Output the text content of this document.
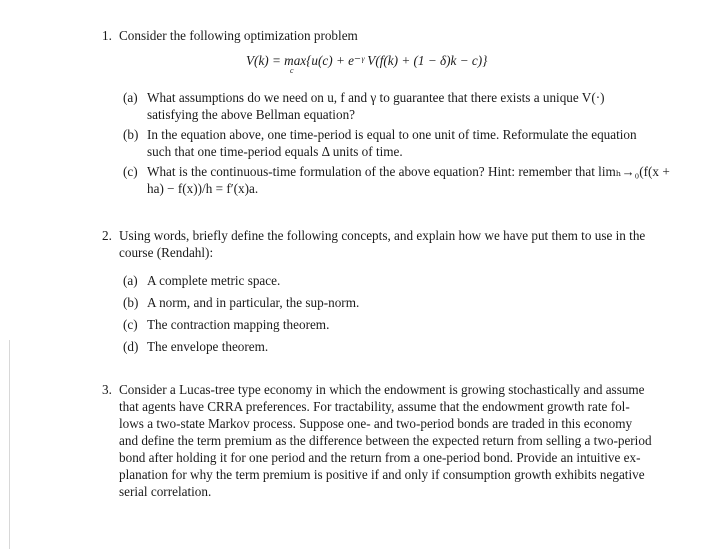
1. Consider the following optimization problem
V(k) = max{u(c) + e⁻ᵞ V(f(k) + (1 − δ)k − c)}
c
(a) What assumptions do we need on u, f and γ to guarantee that there exists a unique V(·)
satisfying the above Bellman equation?
(b) In the equation above, one time-period is equal to one unit of time. Reformulate the equation
such that one time-period equals Δ units of time.
(c) What is the continuous-time formulation of the above equation? Hint: remember that limₕ→₀(f(x +
ha) − f(x))/h = f′(x)a.
2. Using words, briefly define the following concepts, and explain how we have put them to use in the
course (Rendahl):
(a) A complete metric space.
(b) A norm, and in particular, the sup-norm.
(c) The contraction mapping theorem.
(d) The envelope theorem.
3. Consider a Lucas-tree type economy in which the endowment is growing stochastically and assume
that agents have CRRA preferences. For tractability, assume that the endowment growth rate fol-
lows a two-state Markov process. Suppose one- and two-period bonds are traded in this economy
and define the term premium as the difference between the expected return from selling a two-period
bond after holding it for one period and the return from a one-period bond. Provide an intuitive ex-
planation for why the term premium is positive if and only if consumption growth exhibits negative
serial correlation.
